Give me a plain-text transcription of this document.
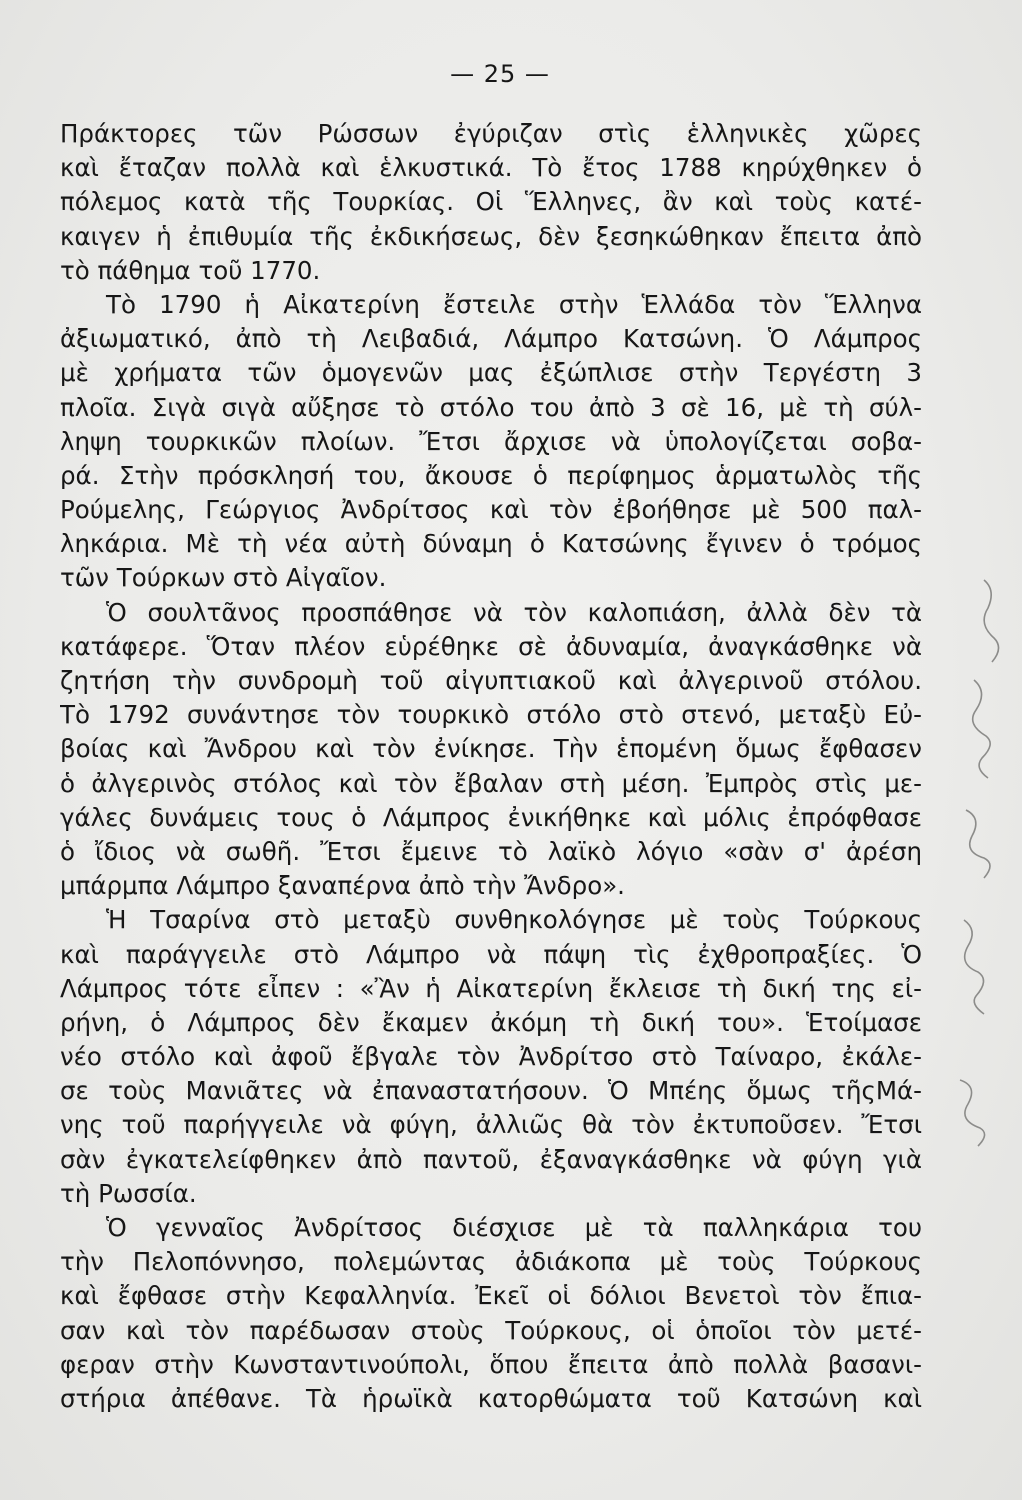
— 25 —
Πράκτορες τῶν Ρώσσων ἐγύριζαν στὶς ἑλληνικὲς χῶρες
καὶ ἔταζαν πολλὰ καὶ ἑλκυστικά. Τὸ ἔτος 1788 κηρύχθηκεν ὁ
πόλεμος κατὰ τῆς Τουρκίας. Οἱ Ἕλληνες, ἂν καὶ τοὺς κατέ-
καιγεν ἡ ἐπιθυμία τῆς ἐκδικήσεως, δὲν ξεσηκώθηκαν ἔπειτα ἀπὸ
τὸ πάθημα τοῦ 1770.
Τὸ 1790 ἡ Αἰκατερίνη ἔστειλε στὴν Ἑλλάδα τὸν Ἕλληνα
ἀξιωματικό, ἀπὸ τὴ Λειβαδιά, Λάμπρο Κατσώνη. Ὁ Λάμπρος
μὲ χρήματα τῶν ὁμογενῶν μας ἐξώπλισε στὴν Τεργέστη 3
πλοῖα. Σιγὰ σιγὰ αὔξησε τὸ στόλο του ἀπὸ 3 σὲ 16, μὲ τὴ σύλ-
ληψη τουρκικῶν πλοίων. Ἔτσι ἄρχισε νὰ ὑπολογίζεται σοβα-
ρά. Στὴν πρόσκλησή του, ἄκουσε ὁ περίφημος ἁρματωλὸς τῆς
Ρούμελης, Γεώργιος Ἀνδρίτσος καὶ τὸν ἐβοήθησε μὲ 500 παλ-
ληκάρια. Μὲ τὴ νέα αὐτὴ δύναμη ὁ Κατσώνης ἔγινεν ὁ τρόμος
τῶν Τούρκων στὸ Αἰγαῖον.
Ὁ σουλτᾶνος προσπάθησε νὰ τὸν καλοπιάση, ἀλλὰ δὲν τὰ
κατάφερε. Ὅταν πλέον εὑρέθηκε σὲ ἀδυναμία, ἀναγκάσθηκε νὰ
ζητήση τὴν συνδρομὴ τοῦ αἰγυπτιακοῦ καὶ ἀλγερινοῦ στόλου.
Τὸ 1792 συνάντησε τὸν τουρκικὸ στόλο στὸ στενό, μεταξὺ Εὐ-
βοίας καὶ Ἄνδρου καὶ τὸν ἐνίκησε. Τὴν ἑπομένη ὅμως ἔφθασεν
ὁ ἀλγερινὸς στόλος καὶ τὸν ἔβαλαν στὴ μέση. Ἐμπρὸς στὶς με-
γάλες δυνάμεις τους ὁ Λάμπρος ἐνικήθηκε καὶ μόλις ἐπρόφθασε
ὁ ἴδιος νὰ σωθῆ. Ἔτσι ἔμεινε τὸ λαϊκὸ λόγιο «σὰν σ' ἀρέση
μπάρμπα Λάμπρο ξαναπέρνα ἀπὸ τὴν Ἄνδρο».
Ἡ Τσαρίνα στὸ μεταξὺ συνθηκολόγησε μὲ τοὺς Τούρκους
καὶ παράγγειλε στὸ Λάμπρο νὰ πάψη τὶς ἐχθροπραξίες. Ὁ
Λάμπρος τότε εἶπεν : «Ἂν ἡ Αἰκατερίνη ἔκλεισε τὴ δική της εἰ-
ρήνη, ὁ Λάμπρος δὲν ἔκαμεν ἀκόμη τὴ δική του». Ἑτοίμασε
νέο στόλο καὶ ἀφοῦ ἔβγαλε τὸν Ἀνδρίτσο στὸ Ταίναρο, ἐκάλε-
σε τοὺς Μανιᾶτες νὰ ἐπαναστατήσουν. Ὁ Μπέης ὅμως τῆςΜά-
νης τοῦ παρήγγειλε νὰ φύγη, ἀλλιῶς θὰ τὸν ἐκτυποῦσεν. Ἔτσι
σὰν ἐγκατελείφθηκεν ἀπὸ παντοῦ, ἐξαναγκάσθηκε νὰ φύγη γιὰ
τὴ Ρωσσία.
Ὁ γενναῖος Ἀνδρίτσος διέσχισε μὲ τὰ παλληκάρια του
τὴν Πελοπόννησο, πολεμώντας ἀδιάκοπα μὲ τοὺς Τούρκους
καὶ ἔφθασε στὴν Κεφαλληνία. Ἐκεῖ οἱ δόλιοι Βενετοὶ τὸν ἔπια-
σαν καὶ τὸν παρέδωσαν στοὺς Τούρκους, οἱ ὁποῖοι τὸν μετέ-
φεραν στὴν Κωνσταντινούπολι, ὅπου ἔπειτα ἀπὸ πολλὰ βασανι-
στήρια ἀπέθανε. Τὰ ἡρωϊκὰ κατορθώματα τοῦ Κατσώνη καὶ
